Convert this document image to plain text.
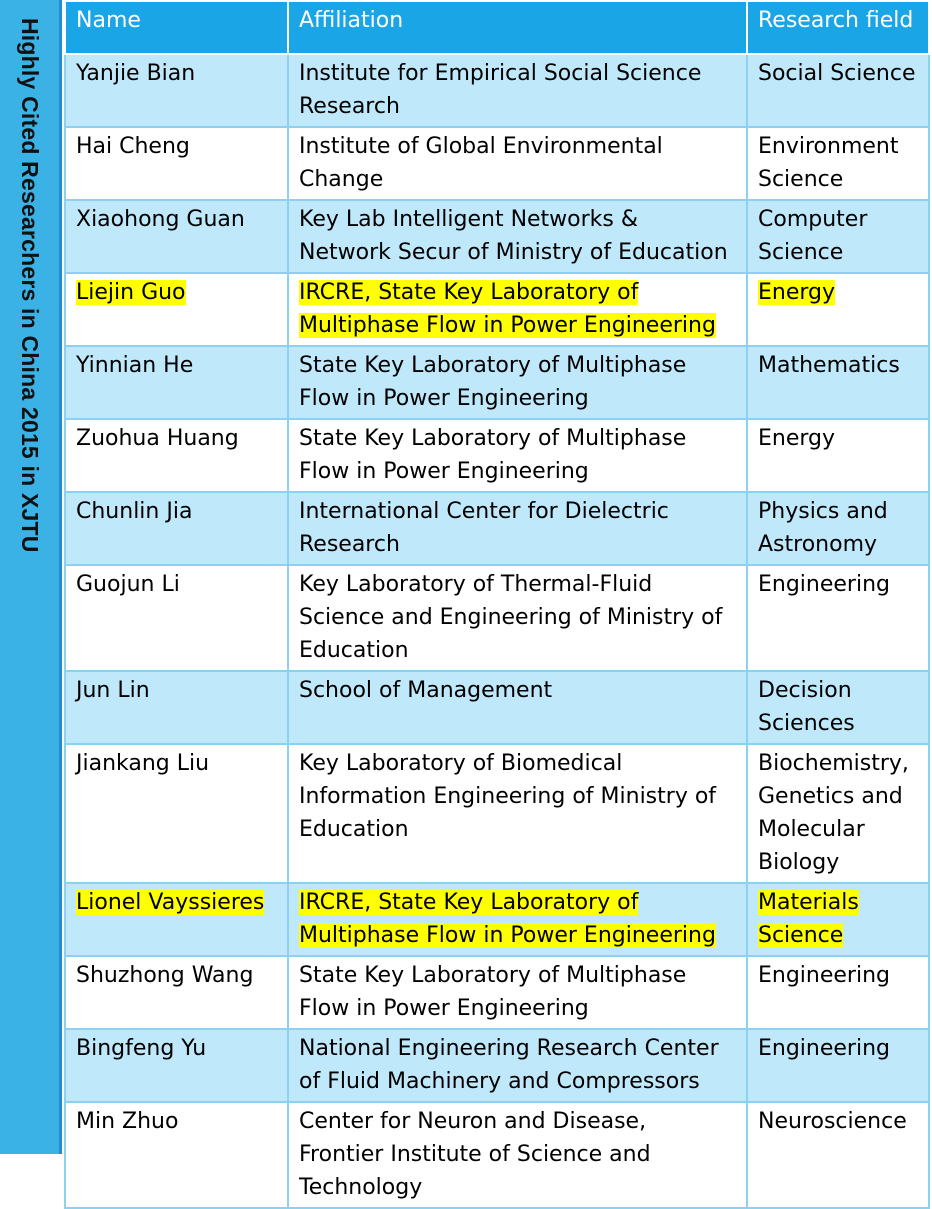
Highly Cited Researchers in China 2015 in XJTU Name	Affiliation	Research field
Yanjie Bian	Institute for Empirical Social Science Research	Social Science
Hai Cheng	Institute of Global Environmental Change	Environment Science
Xiaohong Guan	Key Lab Intelligent Networks & Network Secur of Ministry of Education	Computer Science
Liejin Guo	IRCRE, State Key Laboratory of Multiphase Flow in Power Engineering	Energy
Yinnian He	State Key Laboratory of Multiphase Flow in Power Engineering	Mathematics
Zuohua Huang	State Key Laboratory of Multiphase Flow in Power Engineering	Energy
Chunlin Jia	International Center for Dielectric Research	Physics and Astronomy
Guojun Li	Key Laboratory of Thermal-Fluid Science and Engineering of Ministry of Education	Engineering
Jun Lin	School of Management	Decision Sciences
Jiankang Liu	Key Laboratory of Biomedical Information Engineering of Ministry of Education	Biochemistry, Genetics and Molecular Biology
Lionel Vayssieres	IRCRE, State Key Laboratory of Multiphase Flow in Power Engineering	Materials Science
Shuzhong Wang	State Key Laboratory of Multiphase Flow in Power Engineering	Engineering
Bingfeng Yu	National Engineering Research Center of Fluid Machinery and Compressors	Engineering
Min Zhuo	Center for Neuron and Disease, Frontier Institute of Science and Technology	Neuroscience
